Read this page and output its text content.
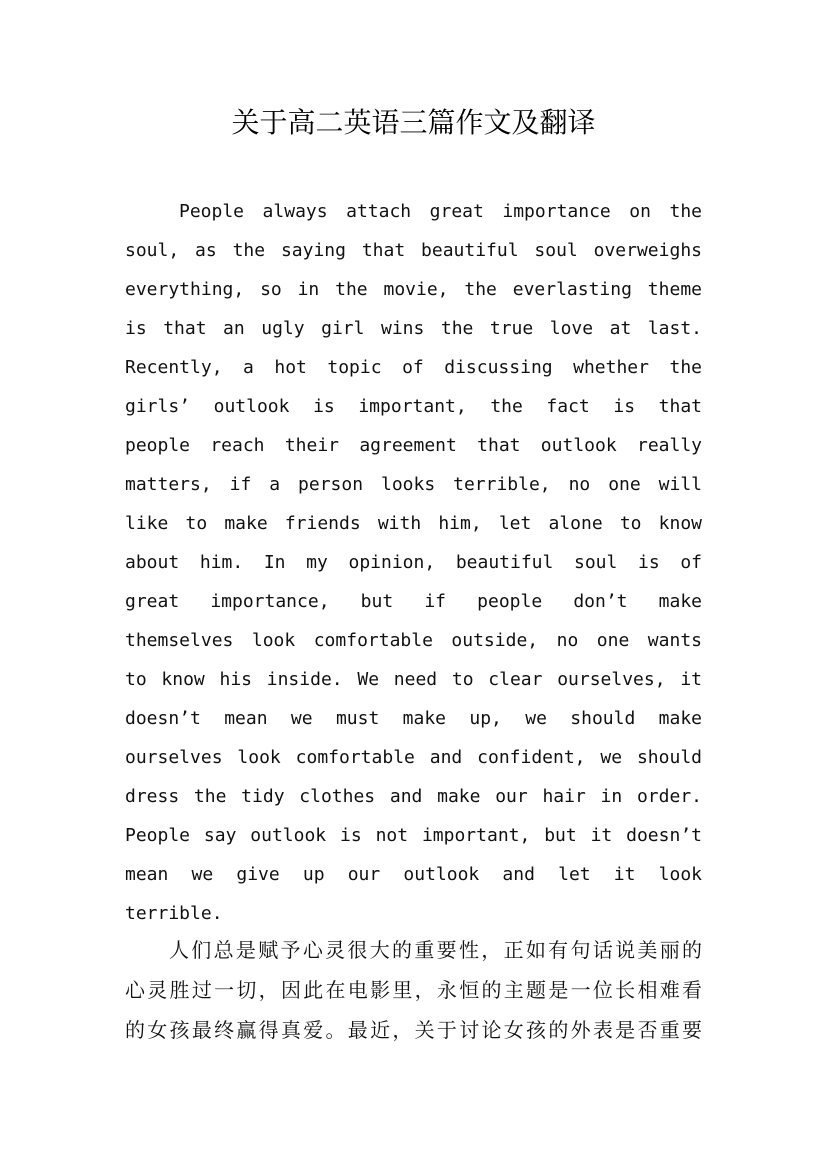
关于高二英语三篇作文及翻译
People always attach great importance on the
soul, as the saying that beautiful soul overweighs
everything, so in the movie, the everlasting theme
is that an ugly girl wins the true love at last.
Recently, a hot topic of discussing whether the
girls’ outlook is important, the fact is that
people reach their agreement that outlook really
matters, if a person looks terrible, no one will
like to make friends with him, let alone to know
about him. In my opinion, beautiful soul is of
great importance, but if people don’t make
themselves look comfortable outside, no one wants
to know his inside. We need to clear ourselves, it
doesn’t mean we must make up, we should make
ourselves look comfortable and confident, we should
dress the tidy clothes and make our hair in order.
People say outlook is not important, but it doesn’t
mean we give up our outlook and let it look
terrible.
人们总是赋予心灵很大的重要性，正如有句话说美丽的
心灵胜过一切，因此在电影里，永恒的主题是一位长相难看
的女孩最终赢得真爱。最近，关于讨论女孩的外表是否重要
